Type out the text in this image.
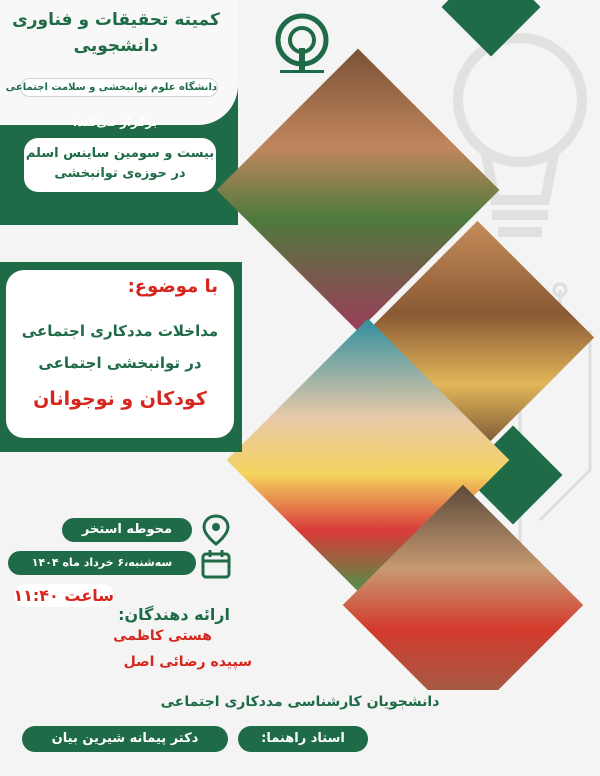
کمیته تحقیقات و فناوری
دانشجویی
دانشگاه علوم توانبخشی و سلامت اجتماعی
برگزار می‌کند:
بیست و سومین ساینس اسلم
در حوزه‌ی توانبخشی
با موضوع:
مداخلات مددکاری اجتماعی
در توانبخشی اجتماعی
کودکان و نوجوانان
محوطه استخر
سه‌شنبه،۶ خرداد ماه ۱۴۰۴
ساعت ۱۱:۴۰
ارائه دهندگان:
هستی کاظمی
سپیده رضائی اصل
دانشجویان کارشناسی مددکاری اجتماعی
استاد راهنما:
دکتر پیمانه شیرین بیان
